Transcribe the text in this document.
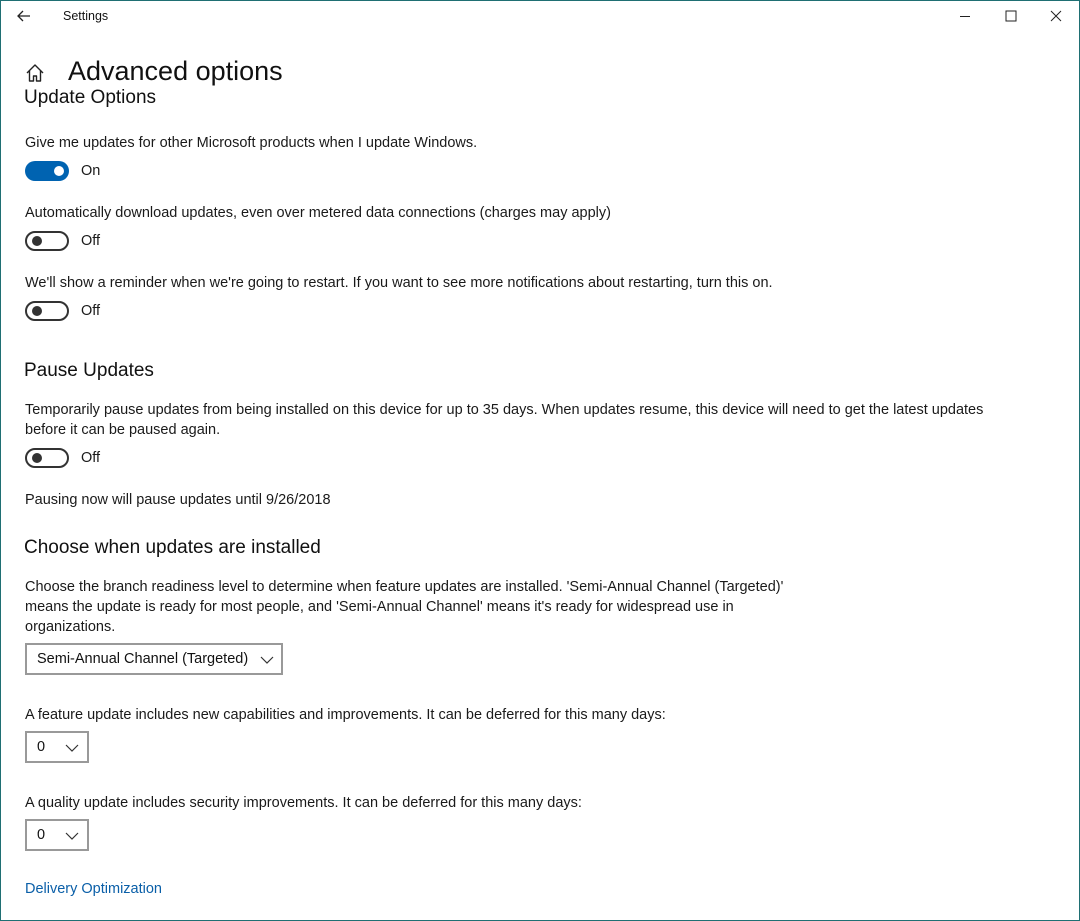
Settings
Advanced options
Update Options
Give me updates for other Microsoft products when I update Windows.
On
Automatically download updates, even over metered data connections (charges may apply)
Off
We'll show a reminder when we're going to restart. If you want to see more notifications about restarting, turn this on.
Off
Pause Updates
Temporarily pause updates from being installed on this device for up to 35 days. When updates resume, this device will need to get the latest updates
before it can be paused again.
Off
Pausing now will pause updates until 9/26/2018
Choose when updates are installed
Choose the branch readiness level to determine when feature updates are installed. 'Semi-Annual Channel (Targeted)'
means the update is ready for most people, and 'Semi-Annual Channel' means it's ready for widespread use in
organizations.
Semi-Annual Channel (Targeted)
A feature update includes new capabilities and improvements. It can be deferred for this many days:
0
A quality update includes security improvements. It can be deferred for this many days:
0
Delivery Optimization
